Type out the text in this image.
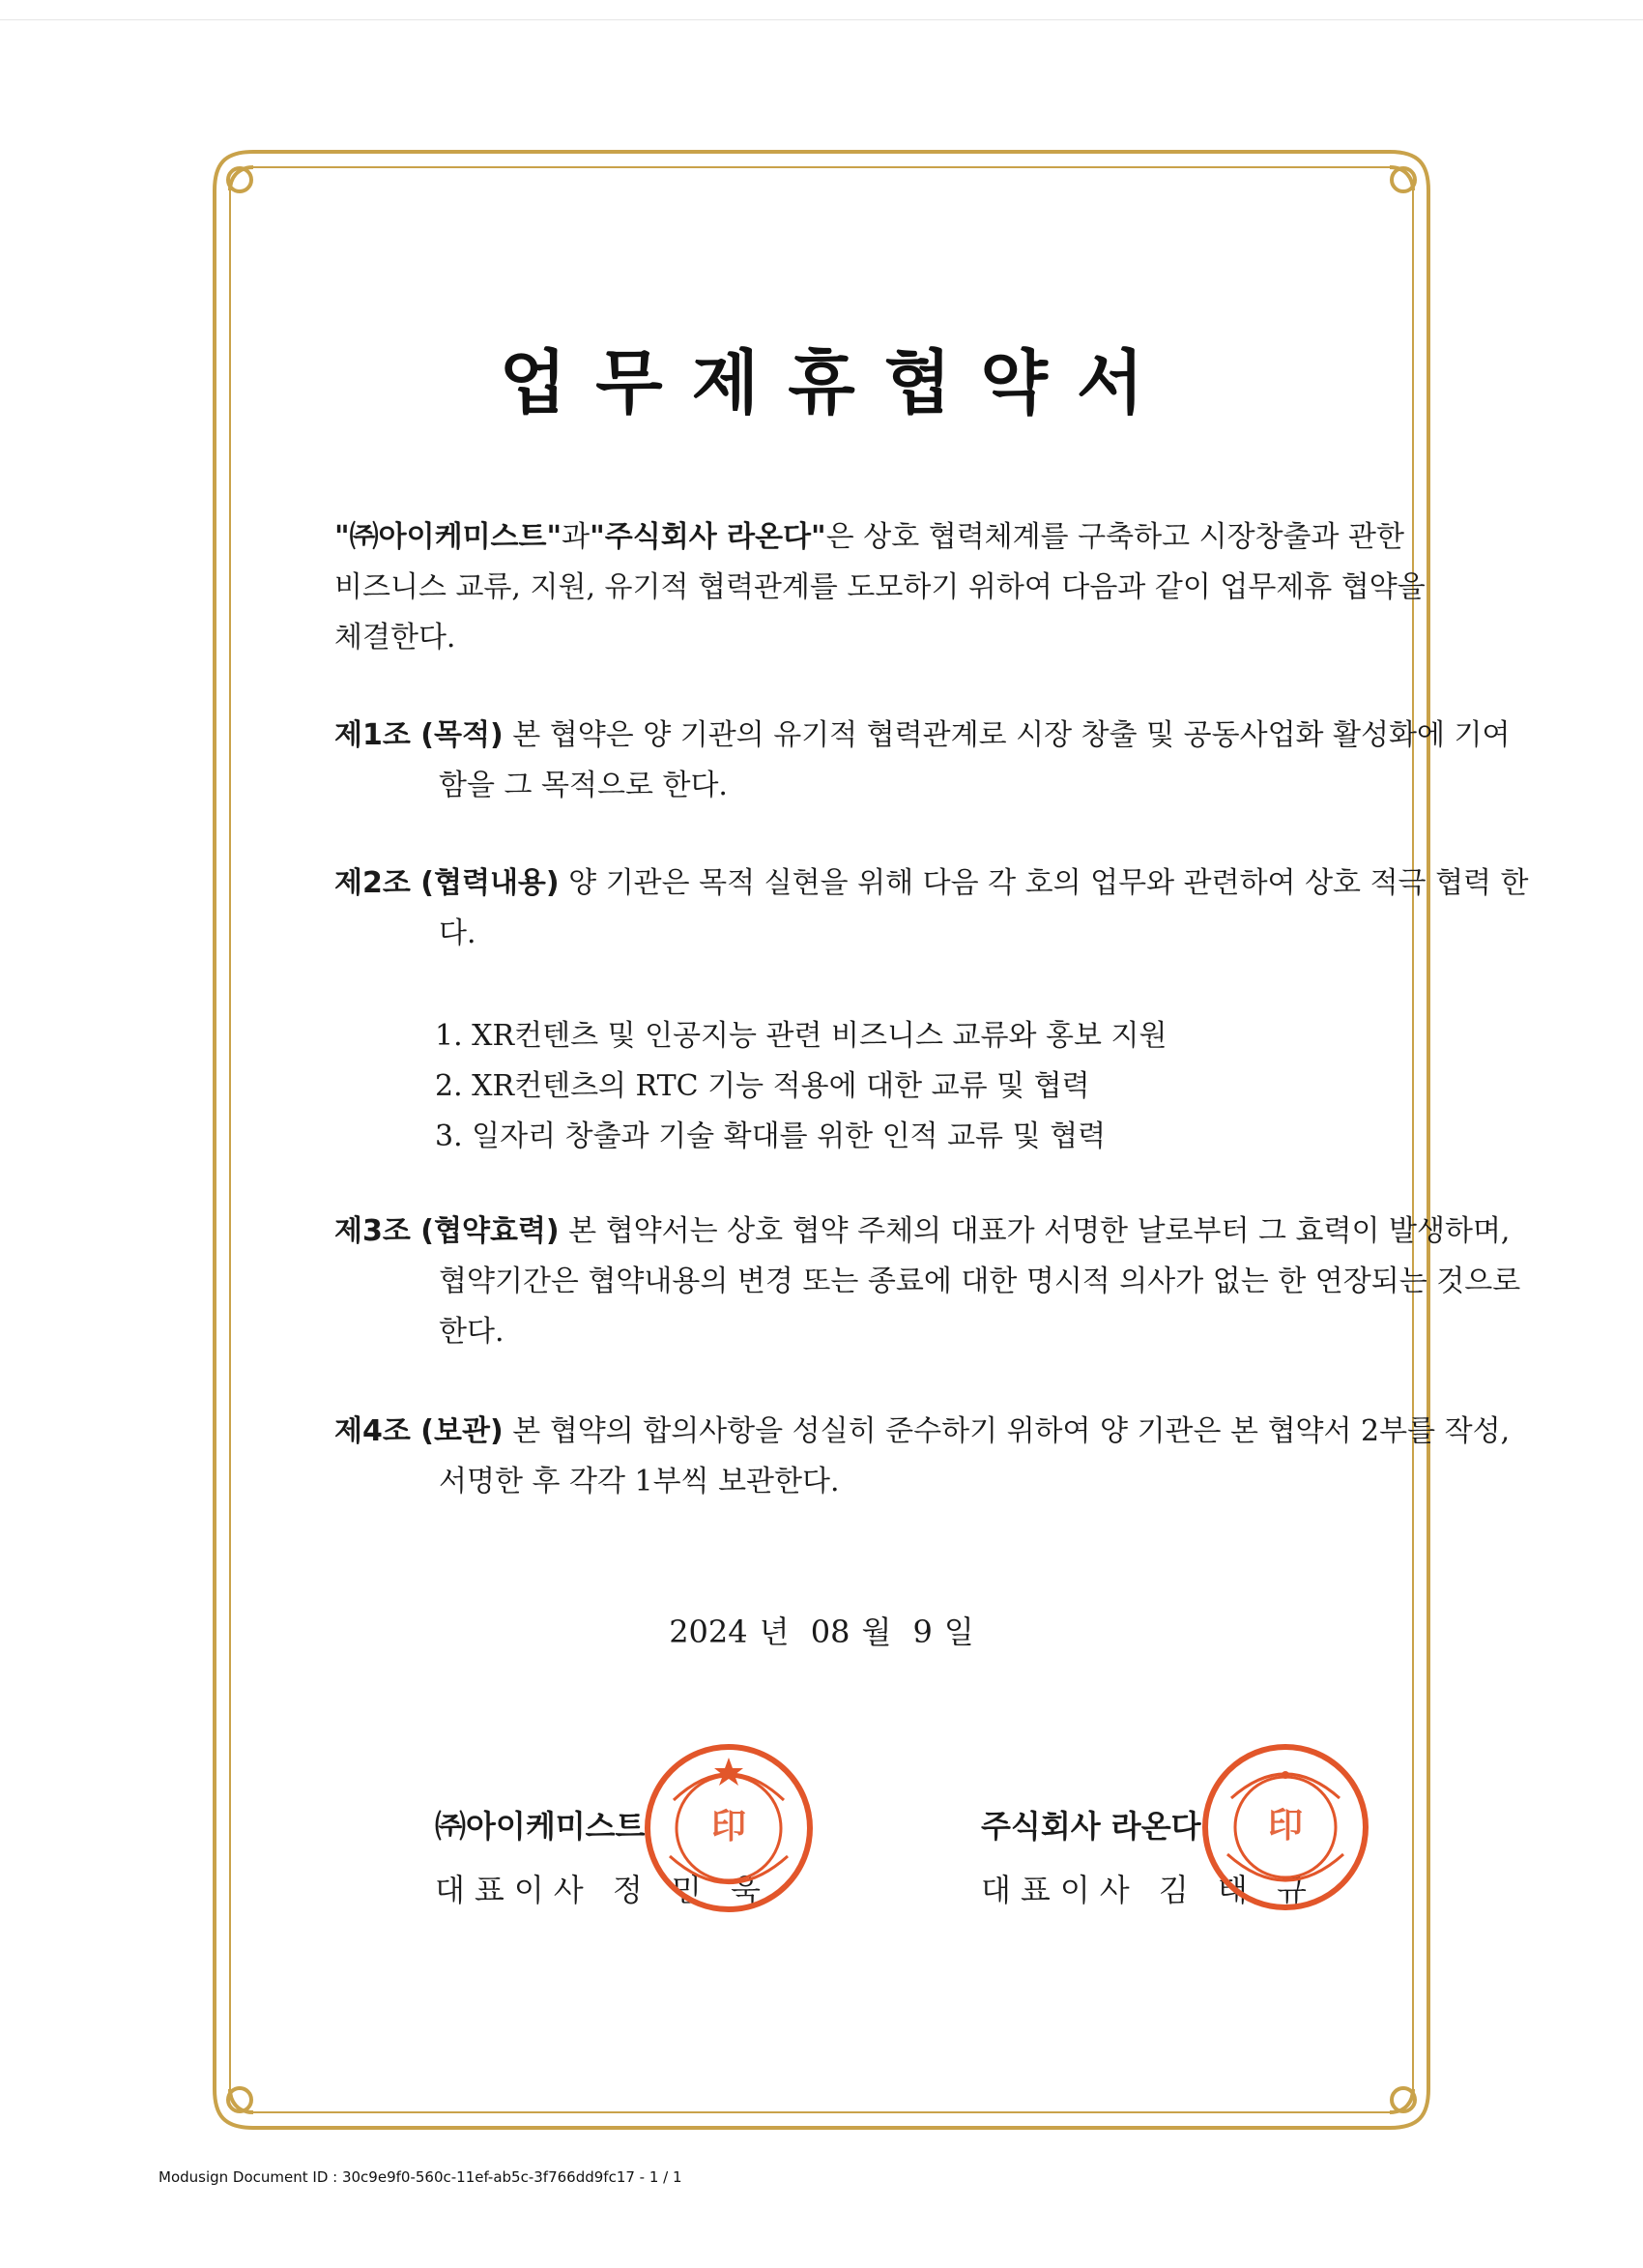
업무제휴협약서

"㈜아이케미스트"과"주식회사 라온다"은 상호 협력체계를 구축하고 시장창출과 관한 비즈니스 교류, 지원, 유기적 협력관계를 도모하기 위하여 다음과 같이 업무제휴 협약을 체결한다.

제1조 (목적) 본 협약은 양 기관의 유기적 협력관계로 시장 창출 및 공동사업화 활성화에 기여함을 그 목적으로 한다.

제2조 (협력내용) 양 기관은 목적 실현을 위해 다음 각 호의 업무와 관련하여 상호 적극 협력 한다.

1. XR컨텐츠 및 인공지능 관련 비즈니스 교류와 홍보 지원
2. XR컨텐츠의 RTC 기능 적용에 대한 교류 및 협력
3. 일자리 창출과 기술 확대를 위한 인적 교류 및 협력

제3조 (협약효력) 본 협약서는 상호 협약 주체의 대표가 서명한 날로부터 그 효력이 발생하며, 협약기간은 협약내용의 변경 또는 종료에 대한 명시적 의사가 없는 한 연장되는 것으로 한다.

제4조 (보관) 본 협약의 합의사항을 성실히 준수하기 위하여 양 기관은 본 협약서 2부를 작성, 서명한 후 각각 1부씩 보관한다.

2024 년 08 월 9 일
㈜아이케미스트
대표이사 정 민 욱
주식회사 라온다
대표이사 김 태 규
印	印
Modusign Document ID : 30c9e9f0-560c-11ef-ab5c-3f766dd9fc17 - 1 / 1
